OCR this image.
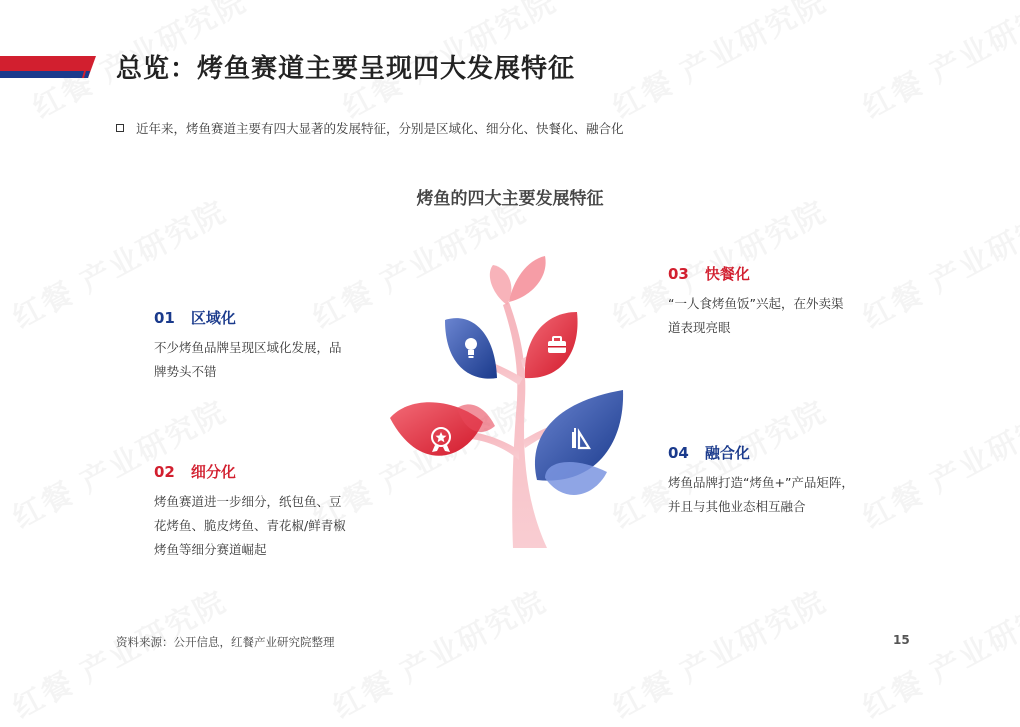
总览：烤鱼赛道主要呈现四大发展特征
近年来，烤鱼赛道主要有四大显著的发展特征，分别是区域化、细分化、快餐化、融合化
烤鱼的四大主要发展特征
01 区域化
不少烤鱼品牌呈现区域化发展，品
牌势头不错
02 细分化
烤鱼赛道进一步细分，纸包鱼、豆
花烤鱼、脆皮烤鱼、青花椒/鲜青椒
烤鱼等细分赛道崛起
03 快餐化
“一人食烤鱼饭”兴起，在外卖渠
道表现亮眼
04 融合化
烤鱼品牌打造“烤鱼+”产品矩阵，
并且与其他业态相互融合
资料来源：公开信息，红餐产业研究院整理	15
